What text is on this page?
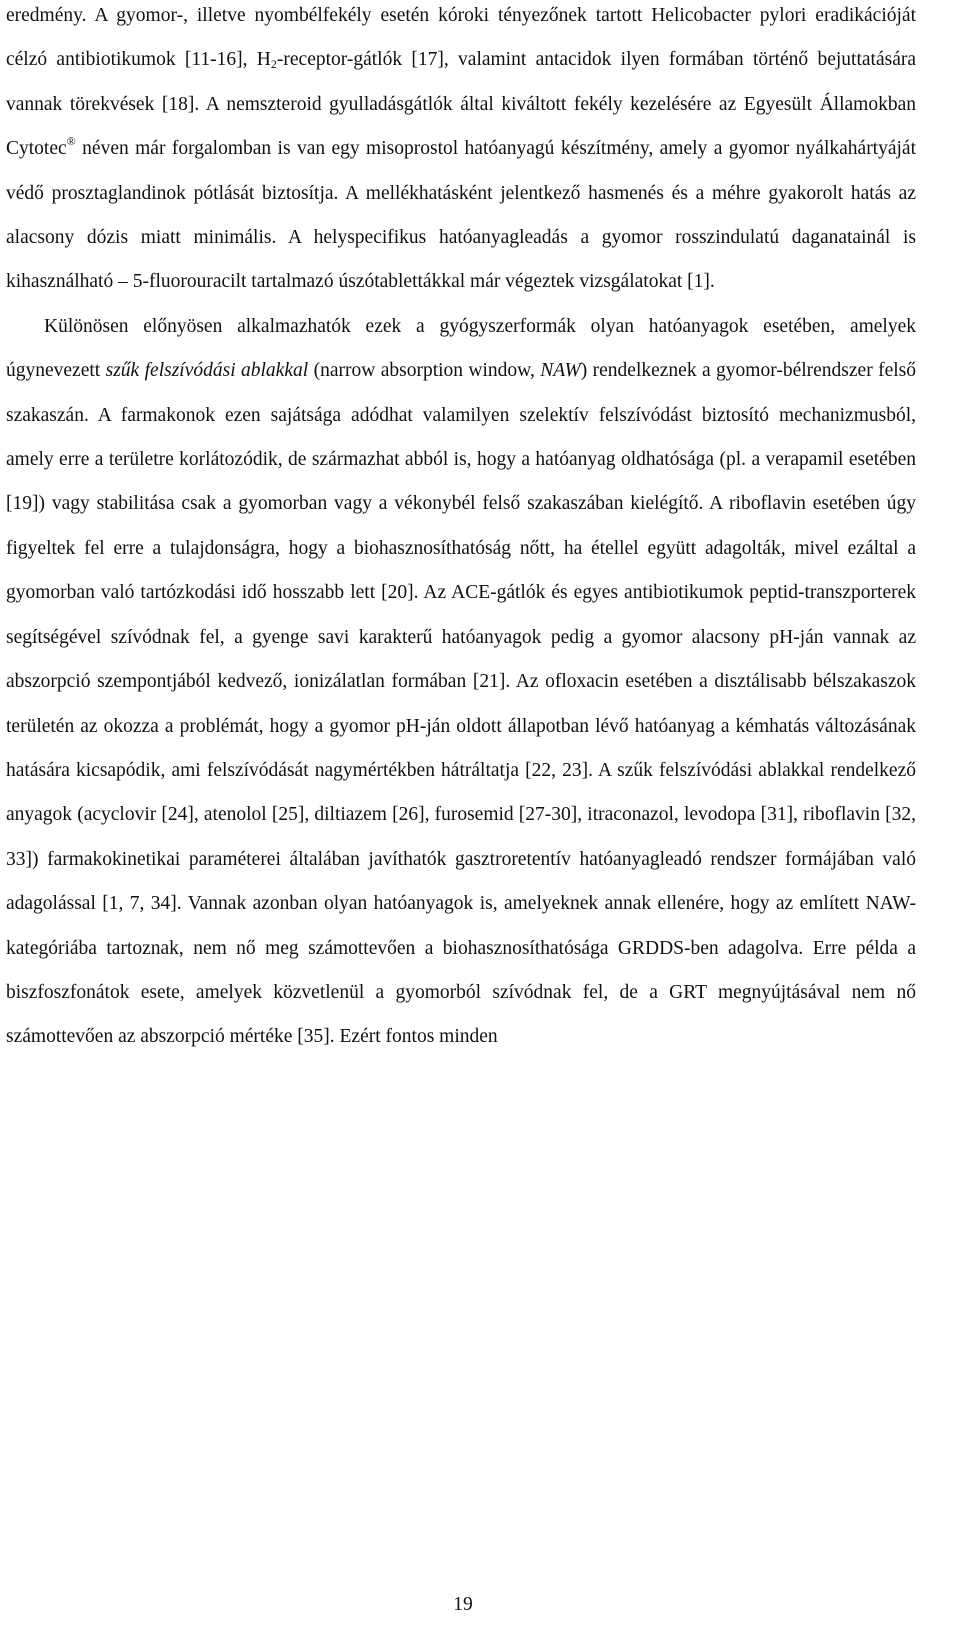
eredmény. A gyomor-, illetve nyombélfekély esetén kóroki tényezőnek tartott Helicobacter pylori eradikációját célzó antibiotikumok [11-16], $H_2-receptor$-gátlók [17], valamint antacidok ilyen formában történő bejuttatására vannak törekvések [18]. A nemszteroid gyulladásgátlók által kiváltott fekély kezelésére az Egyesült Államokban Cytotec® néven már forgalomban is van egy misoprostol hatóanyagú készítmény, amely a gyomor nyálkahártyáját védő prosztaglandinok pótlását biztosítja. A mellékhatásként jelentkező hasmenés és a méhre gyakorolt hatás az alacsony dózis miatt minimális. A helyspecifikus hatóanyagleadás a gyomor rosszindulatú daganatainál is kihasználható – 5-fluorouracilt tartalmazó úszótablettákkal már végeztek vizsgálatokat [1].

Különösen előnyösen alkalmazhatók ezek a gyógyszerformák olyan hatóanyagok esetében, amelyek úgynevezett szűk felszívódási ablakkal (narrow absorption window, NAW) rendelkeznek a gyomor-bélrendszer felső szakaszán. A farmakonok ezen sajátsága adódhat valamilyen szelektív felszívódást biztosító mechanizmusból, amely erre a területre korlátozódik, de származhat abból is, hogy a hatóanyag oldhatósága (pl. a verapamil esetében [19]) vagy stabilitása csak a gyomorban vagy a vékonybél felső szakaszában kielégítő. A riboflavin esetében úgy figyeltek fel erre a tulajdonságra, hogy a biohasznosíthatóság nőtt, ha étellel együtt adagolták, mivel ezáltal a gyomorban való tartózkodási idő hosszabb lett [20]. Az ACE-gátlók és egyes antibiotikumok peptid-transzporterek segítségével szívódnak fel, a gyenge savi karakterű hatóanyagok pedig a gyomor alacsony pH-ján vannak az abszorpció szempontjából kedvező, ionizálatlan formában [21]. Az ofloxacin esetében a disztálisabb bélszakaszok területén az okozza a problémát, hogy a gyomor pH-ján oldott állapotban lévő hatóanyag a kémhatás változásának hatására kicsapódik, ami felszívódását nagymértékben hátráltatja [22, 23]. A szűk felszívódási ablakkal rendelkező anyagok (acyclovir [24], atenolol [25], diltiazem [26], furosemid [27-30], itraconazol, levodopa [31], riboflavin [32, 33]) farmakokinetikai paraméterei általában javíthatók gasztroretentív hatóanyagleadó rendszer formájában való adagolással [1, 7, 34]. Vannak azonban olyan hatóanyagok is, amelyeknek annak ellenére, hogy az említett NAW-kategóriába tartoznak, nem nő meg számottevően a biohasznosíthatósága GRDDS-ben adagolva. Erre példa a biszfoszfonátok esete, amelyek közvetlenül a gyomorból szívódnak fel, de a GRT megnyújtásával nem nő számottevően az abszorpció mértéke [35]. Ezért fontos minden

19
